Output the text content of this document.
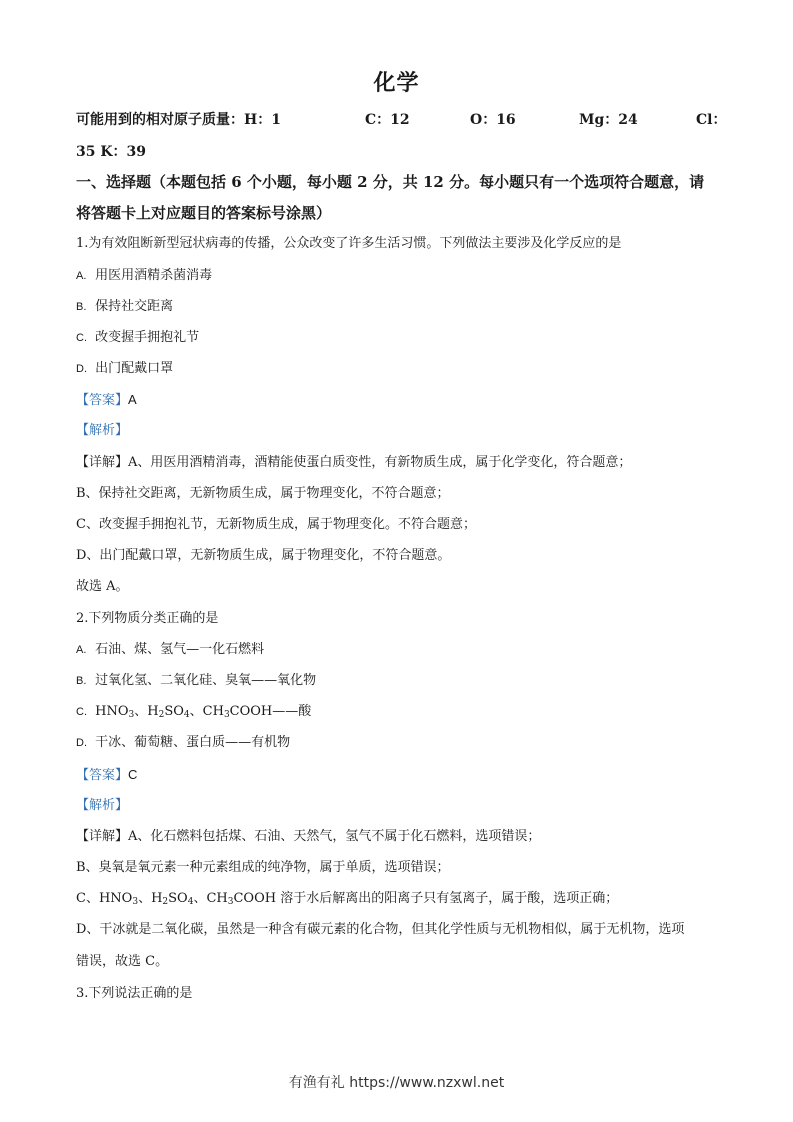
化学
可能用到的相对原子质量：H：1	C：12	O：16	Mg：24	Cl：
35 K：39
一、选择题（本题包括 6 个小题，每小题 2 分，共 12 分。每小题只有一个选项符合题意，请
将答题卡上对应题目的答案标号涂黑）
1.为有效阻断新型冠状病毒的传播，公众改变了许多生活习惯。下列做法主要涉及化学反应的是
A. 用医用酒精杀菌消毒
B. 保持社交距离
C. 改变握手拥抱礼节
D. 出门配戴口罩
【答案】A
【解析】
【详解】A、用医用酒精消毒，酒精能使蛋白质变性，有新物质生成，属于化学变化，符合题意；
B、保持社交距离，无新物质生成，属于物理变化，不符合题意；
C、改变握手拥抱礼节，无新物质生成，属于物理变化。不符合题意；
D、出门配戴口罩，无新物质生成，属于物理变化，不符合题意。
故选 A。
2.下列物质分类正确的是
A. 石油、煤、氢气—一化石燃料
B. 过氧化氢、二氧化硅、臭氧——氧化物
C. $HNO_3$、$H_2SO_4$、$CH_3COOH——$酸
D. 干冰、葡萄糖、蛋白质——有机物
【答案】C
【解析】
【详解】A、化石燃料包括煤、石油、天然气，氢气不属于化石燃料，选项错误；
B、臭氧是氧元素一种元素组成的纯净物，属于单质，选项错误；
C、$HNO_3$、$H_2SO_4$、$CH_3COOH$ 溶于水后解离出的阳离子只有氢离子，属于酸，选项正确；
D、干冰就是二氧化碳，虽然是一种含有碳元素的化合物，但其化学性质与无机物相似，属于无机物，选项
错误，故选 C。
3.下列说法正确的是
有渔有礼 https://www.nzxwl.net
